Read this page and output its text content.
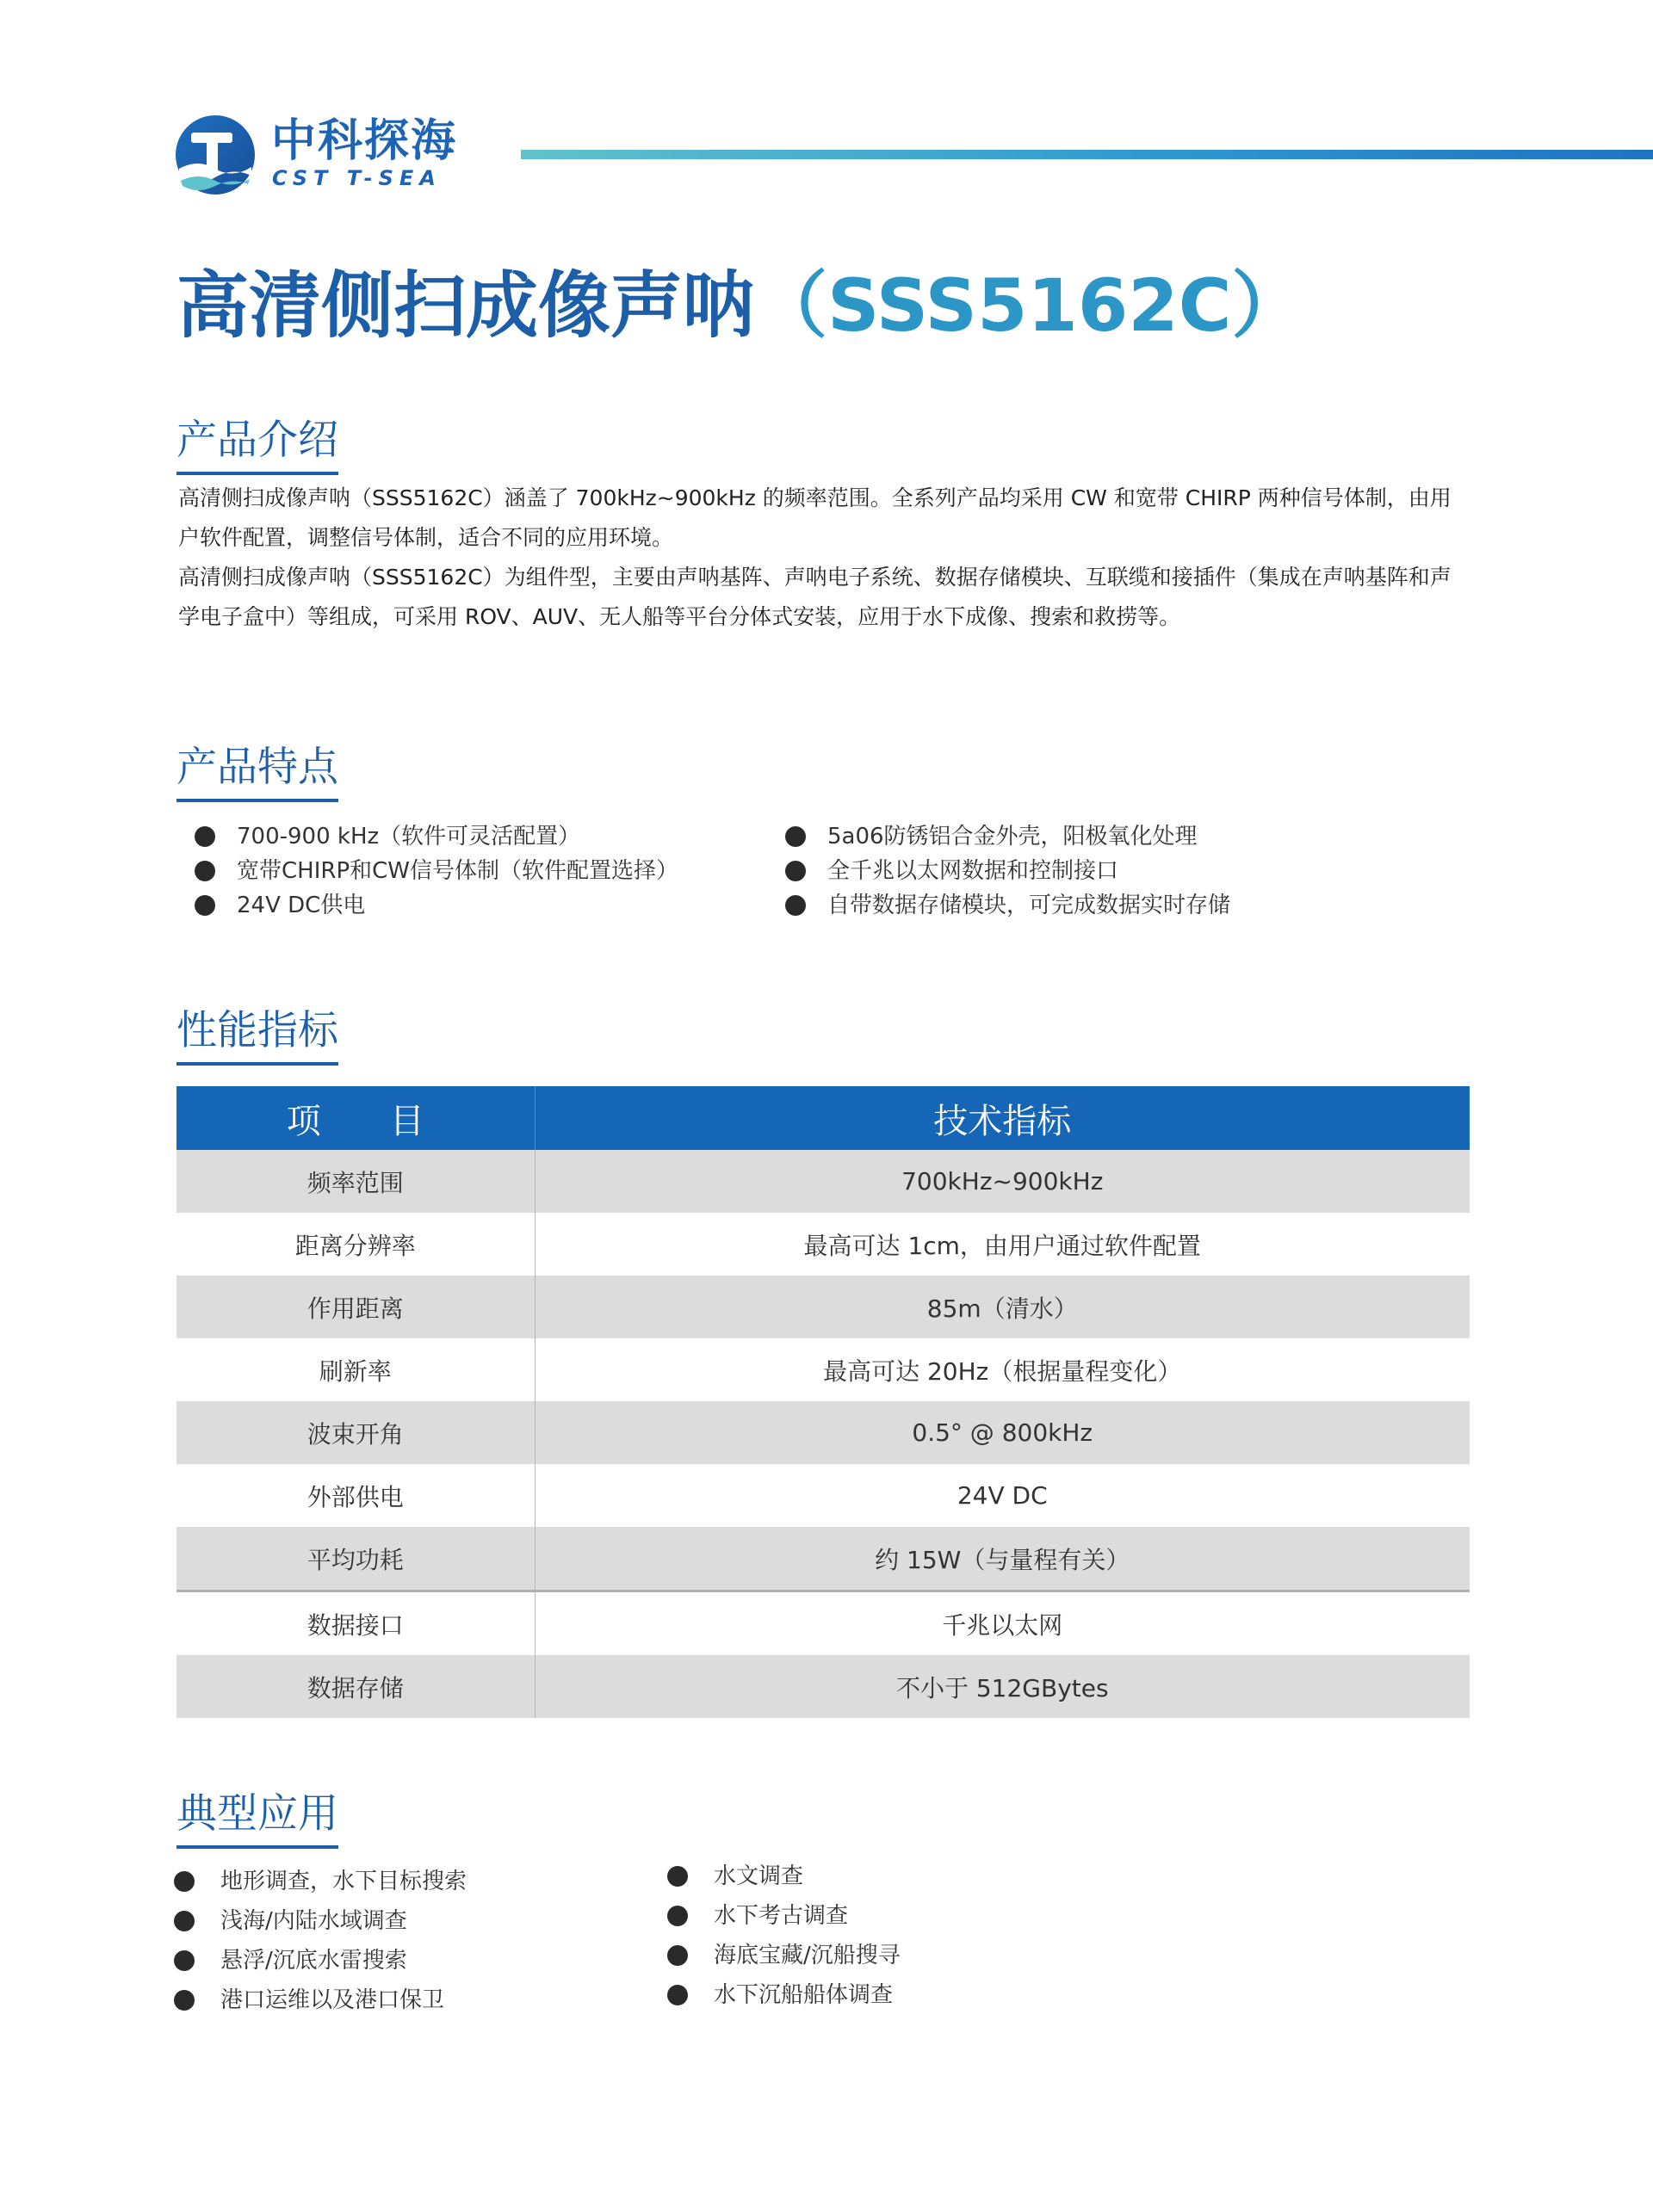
中科探海
CST T-SEA
高清侧扫成像声呐（SSS5162C）
产品介绍
高清侧扫成像声呐（SSS5162C）涵盖了 700kHz~900kHz 的频率范围。全系列产品均采用 CW 和宽带 CHIRP 两种信号体制，由用户软件配置，调整信号体制，适合不同的应用环境。
高清侧扫成像声呐（SSS5162C）为组件型，主要由声呐基阵、声呐电子系统、数据存储模块、互联缆和接插件（集成在声呐基阵和声学电子盒中）等组成，可采用 ROV、AUV、无人船等平台分体式安装，应用于水下成像、搜索和救捞等。
产品特点
700-900 kHz（软件可灵活配置）
宽带CHIRP和CW信号体制（软件配置选择）
24V DC供电
5a06防锈铝合金外壳，阳极氧化处理
全千兆以太网数据和控制接口
自带数据存储模块，可完成数据实时存储
性能指标
项　　目	技术指标
频率范围	700kHz~900kHz
距离分辨率	最高可达 1cm，由用户通过软件配置
作用距离	85m（清水）
刷新率	最高可达 20Hz（根据量程变化）
波束开角	0.5° @ 800kHz
外部供电	24V DC
平均功耗	约 15W（与量程有关）
数据接口	千兆以太网
数据存储	不小于 512GBytes
典型应用
地形调查，水下目标搜索
浅海/内陆水域调查
悬浮/沉底水雷搜索
港口运维以及港口保卫
水文调查
水下考古调查
海底宝藏/沉船搜寻
水下沉船船体调查
